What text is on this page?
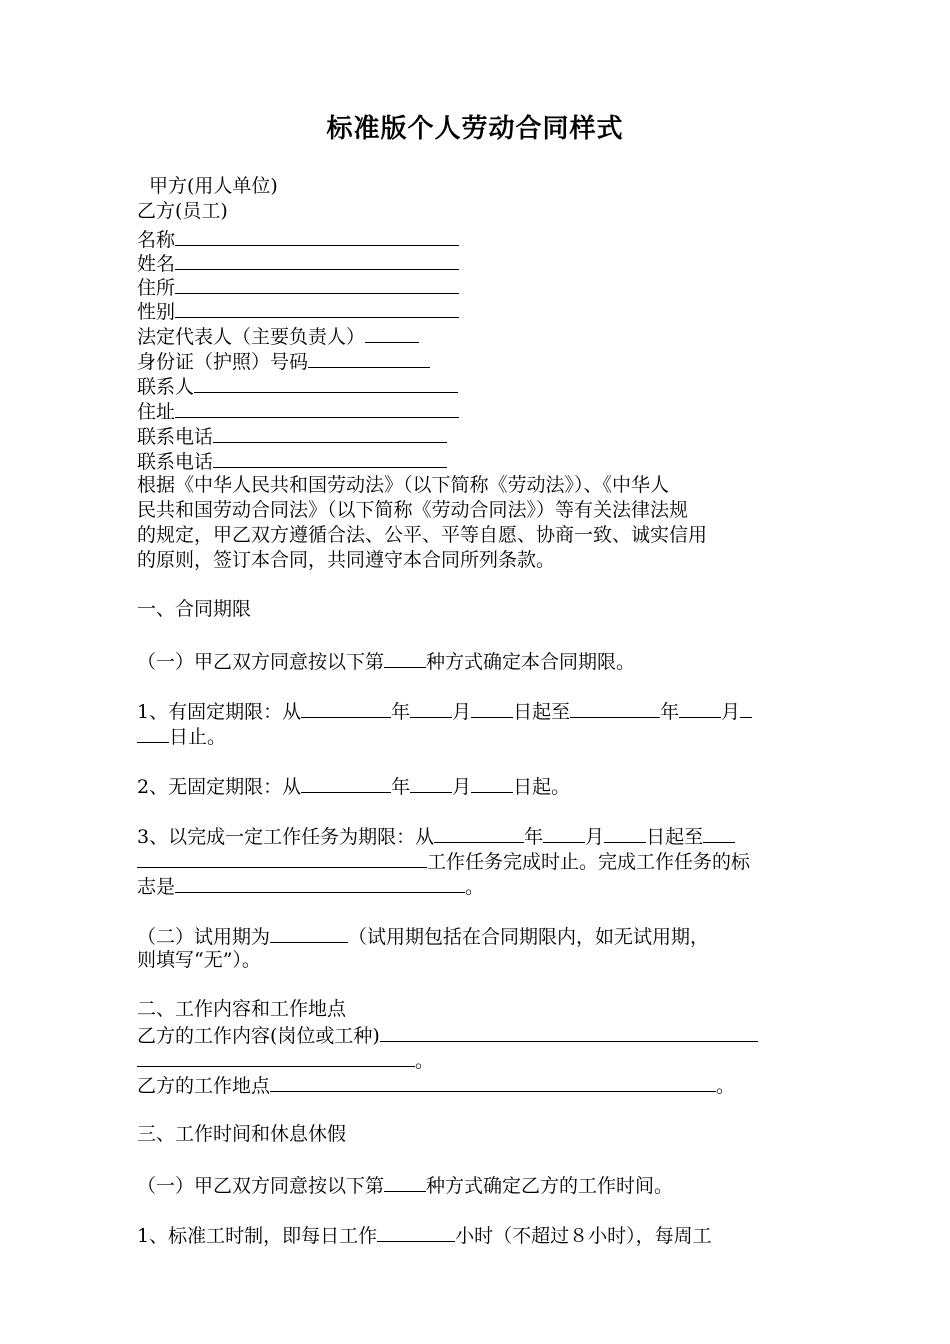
标准版个人劳动合同样式
甲方(用人单位)
乙方(员工)
名称
姓名
住所
性别
法定代表人（主要负责人）
身份证（护照）号码
联系人
住址
联系电话
联系电话
根据《中华人民共和国劳动法》（以下简称《劳动法》）、《中华人
民共和国劳动合同法》（以下简称《劳动合同法》）等有关法律法规
的规定，甲乙双方遵循合法、公平、平等自愿、协商一致、诚实信用
的原则，签订本合同，共同遵守本合同所列条款。
一、合同期限
（一）甲乙双方同意按以下第 种方式确定本合同期限。
1、有固定期限：从	年 月 日起至	年 月
日止。
2、无固定期限：从	年 月 日起。
3、以完成一定工作任务为期限：从	年 月 日起至
工作任务完成时止。完成工作任务的标
志是	。
（二）试用期为	（试用期包括在合同期限内，如无试用期，
则填写“无”）。
二、工作内容和工作地点
乙方的工作内容(岗位或工种)
。
乙方的工作地点	。
三、工作时间和休息休假
（一）甲乙双方同意按以下第 种方式确定乙方的工作时间。
1、标准工时制，即每日工作	小时（不超过８小时），每周工
